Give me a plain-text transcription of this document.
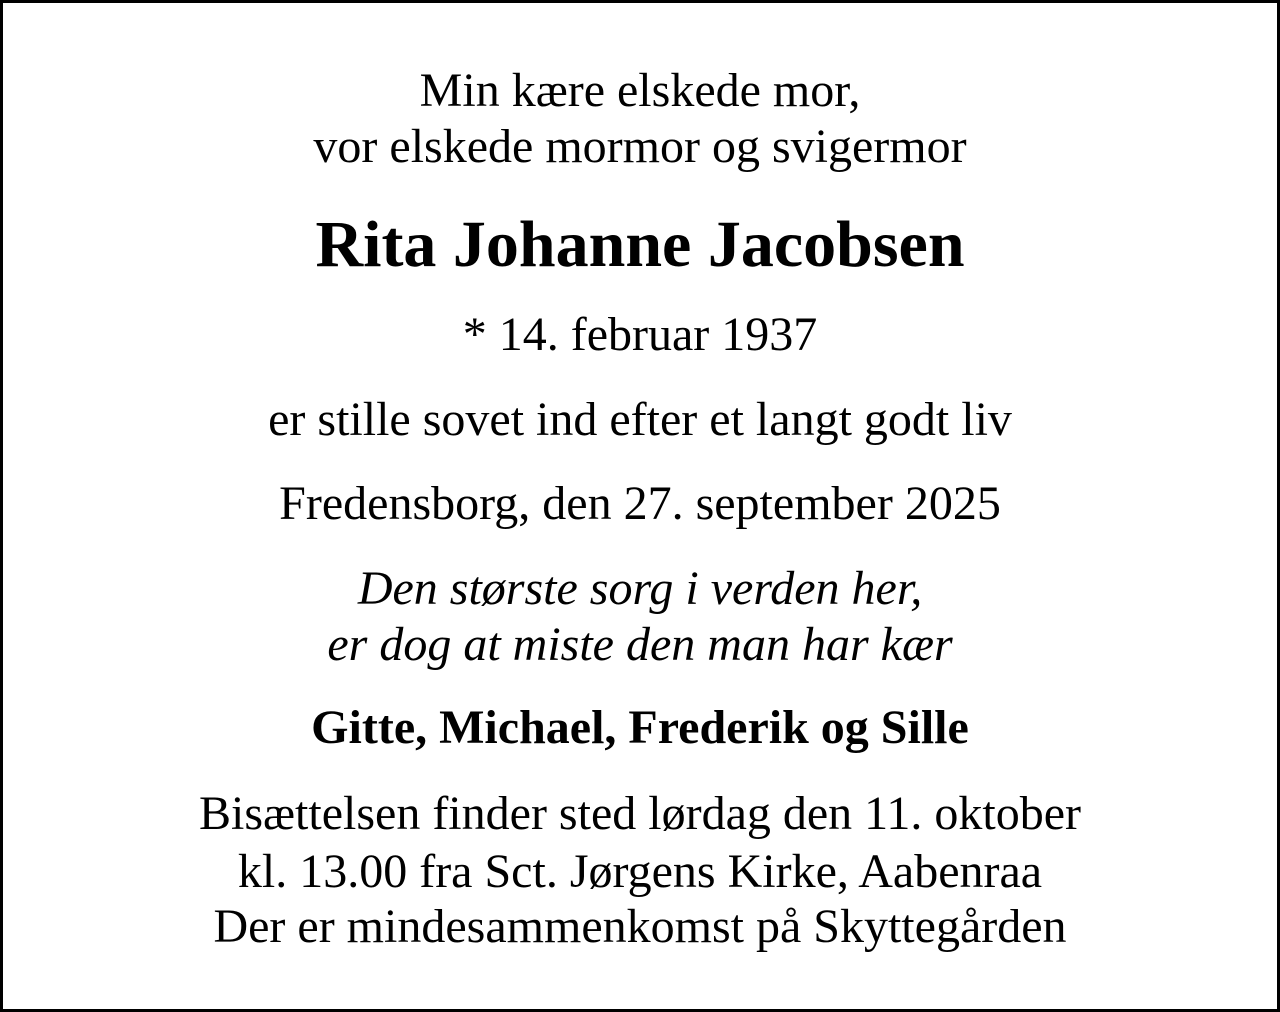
Min kære elskede mor,
vor elskede mormor og svigermor
Rita Johanne Jacobsen
* 14. februar 1937
er stille sovet ind efter et langt godt liv
Fredensborg, den 27. september 2025
Den største sorg i verden her,
er dog at miste den man har kær
Gitte, Michael, Frederik og Sille
Bisættelsen finder sted lørdag den 11. oktober
kl. 13.00 fra Sct. Jørgens Kirke, Aabenraa
Der er mindesammenkomst på Skyttegården
